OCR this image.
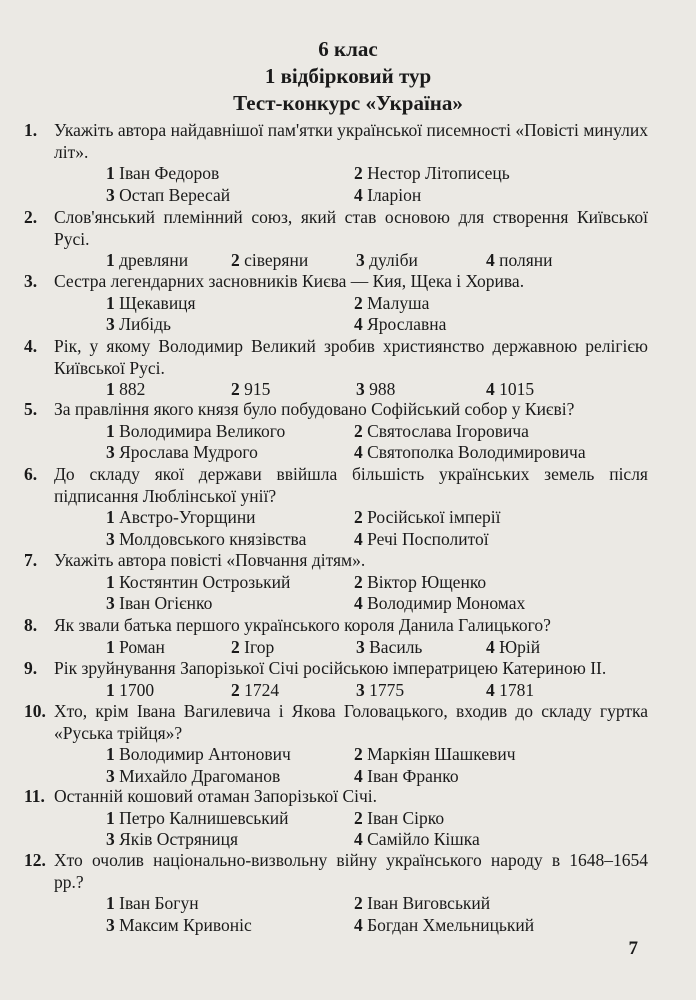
6 клас
1 відбірковий тур
Тест-конкурс «Україна»
1. Укажіть автора найдавнішої пам'ятки української писемності «Повісті минулих літ».
1 Іван Федоров	2 Нестор Літописець
3 Остап Вересай	4 Іларіон
2. Слов'янський племінний союз, який став основою для створення Київської Русі.
1 древляни	2 сіверяни	3 дуліби	4 поляни
3. Сестра легендарних засновників Києва — Кия, Щека і Хорива.
1 Щекавиця	2 Малуша
3 Либідь	4 Ярославна
4. Рік, у якому Володимир Великий зробив християнство державною релігією Київської Русі.
1 882	2 915	3 988	4 1015
5. За правління якого князя було побудовано Софійський собор у Києві?
1 Володимира Великого	2 Святослава Ігоровича
3 Ярослава Мудрого	4 Святополка Володимировича
6. До складу якої держави ввійшла більшість українських земель після підписання Люблінської унії?
1 Австро-Угорщини	2 Російської імперії
3 Молдовського князівства	4 Речі Посполитої
7. Укажіть автора повісті «Повчання дітям».
1 Костянтин Острозький	2 Віктор Ющенко
3 Іван Огієнко	4 Володимир Мономах
8. Як звали батька першого українського короля Данила Галицького?
1 Роман	2 Ігор	3 Василь	4 Юрій
9. Рік зруйнування Запорізької Січі російською імператрицею Катериною ІІ.
1 1700	2 1724	3 1775	4 1781
10. Хто, крім Івана Вагилевича і Якова Головацького, входив до складу гуртка «Руська трійця»?
1 Володимир Антонович	2 Маркіян Шашкевич
3 Михайло Драгоманов	4 Іван Франко
11. Останній кошовий отаман Запорізької Січі.
1 Петро Калнишевський	2 Іван Сірко
3 Яків Остряниця	4 Самійло Кішка
12. Хто очолив національно-визвольну війну українського народу в 1648–1654 рр.?
1 Іван Богун	2 Іван Виговський
3 Максим Кривоніс	4 Богдан Хмельницький
7
